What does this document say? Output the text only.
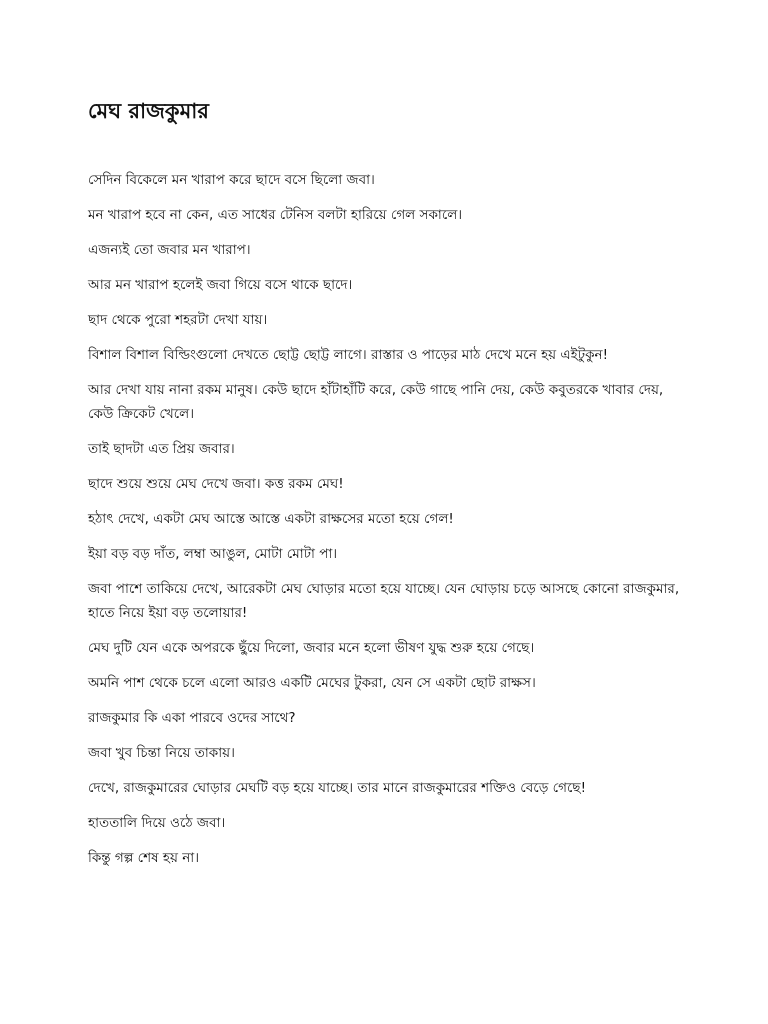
মেঘ রাজকুমার

সেদিন বিকেলে মন খারাপ করে ছাদে বসে ছিলো জবা।

মন খারাপ হবে না কেন, এত সাধের টেনিস বলটা হারিয়ে গেল সকালে।

এজন্যই তো জবার মন খারাপ।

আর মন খারাপ হলেই জবা গিয়ে বসে থাকে ছাদে।

ছাদ থেকে পুরো শহরটা দেখা যায়।

বিশাল বিশাল বিল্ডিংগুলো দেখতে ছোট্ট ছোট্ট লাগে। রাস্তার ও পাড়ের মাঠ দেখে মনে হয় এইটুকুন!

আর দেখা যায় নানা রকম মানুষ। কেউ ছাদে হাঁটাহাঁটি করে, কেউ গাছে পানি দেয়, কেউ কবুতরকে খাবার দেয়, কেউ ক্রিকেট খেলে।

তাই ছাদটা এত প্রিয় জবার।

ছাদে শুয়ে শুয়ে মেঘ দেখে জবা। কত্ত রকম মেঘ!

হঠাৎ দেখে, একটা মেঘ আস্তে আস্তে একটা রাক্ষসের মতো হয়ে গেল!

ইয়া বড় বড় দাঁত, লম্বা আঙুল, মোটা মোটা পা।

জবা পাশে তাকিয়ে দেখে, আরেকটা মেঘ ঘোড়ার মতো হয়ে যাচ্ছে। যেন ঘোড়ায় চড়ে আসছে কোনো রাজকুমার, হাতে নিয়ে ইয়া বড় তলোয়ার!

মেঘ দুটি যেন একে অপরকে ছুঁয়ে দিলো, জবার মনে হলো ভীষণ যুদ্ধ শুরু হয়ে গেছে।

অমনি পাশ থেকে চলে এলো আরও একটি মেঘের টুকরা, যেন সে একটা ছোট রাক্ষস।

রাজকুমার কি একা পারবে ওদের সাথে?

জবা খুব চিন্তা নিয়ে তাকায়।

দেখে, রাজকুমারের ঘোড়ার মেঘটি বড় হয়ে যাচ্ছে। তার মানে রাজকুমারের শক্তিও বেড়ে গেছে!

হাততালি দিয়ে ওঠে জবা।

কিন্তু গল্প শেষ হয় না।
